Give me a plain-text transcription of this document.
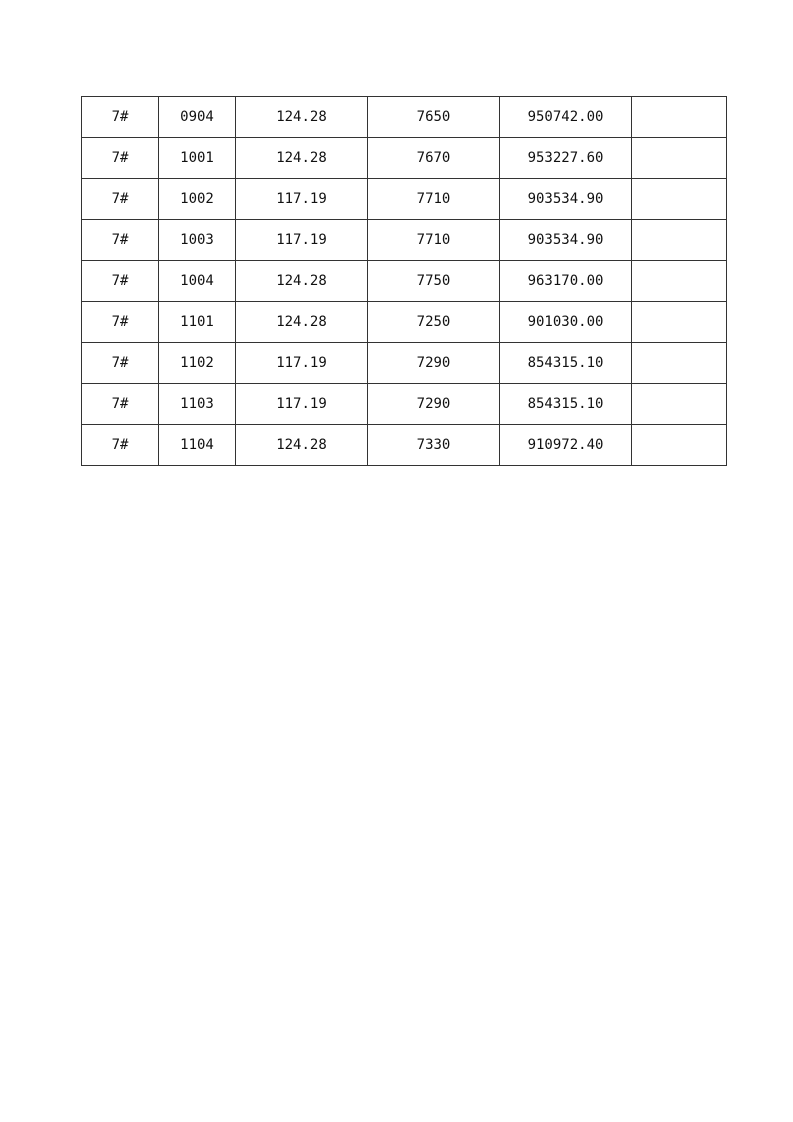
7#	0904	124.28	7650	950742.00	
7#	1001	124.28	7670	953227.60	
7#	1002	117.19	7710	903534.90	
7#	1003	117.19	7710	903534.90	
7#	1004	124.28	7750	963170.00	
7#	1101	124.28	7250	901030.00	
7#	1102	117.19	7290	854315.10	
7#	1103	117.19	7290	854315.10	
7#	1104	124.28	7330	910972.40	
